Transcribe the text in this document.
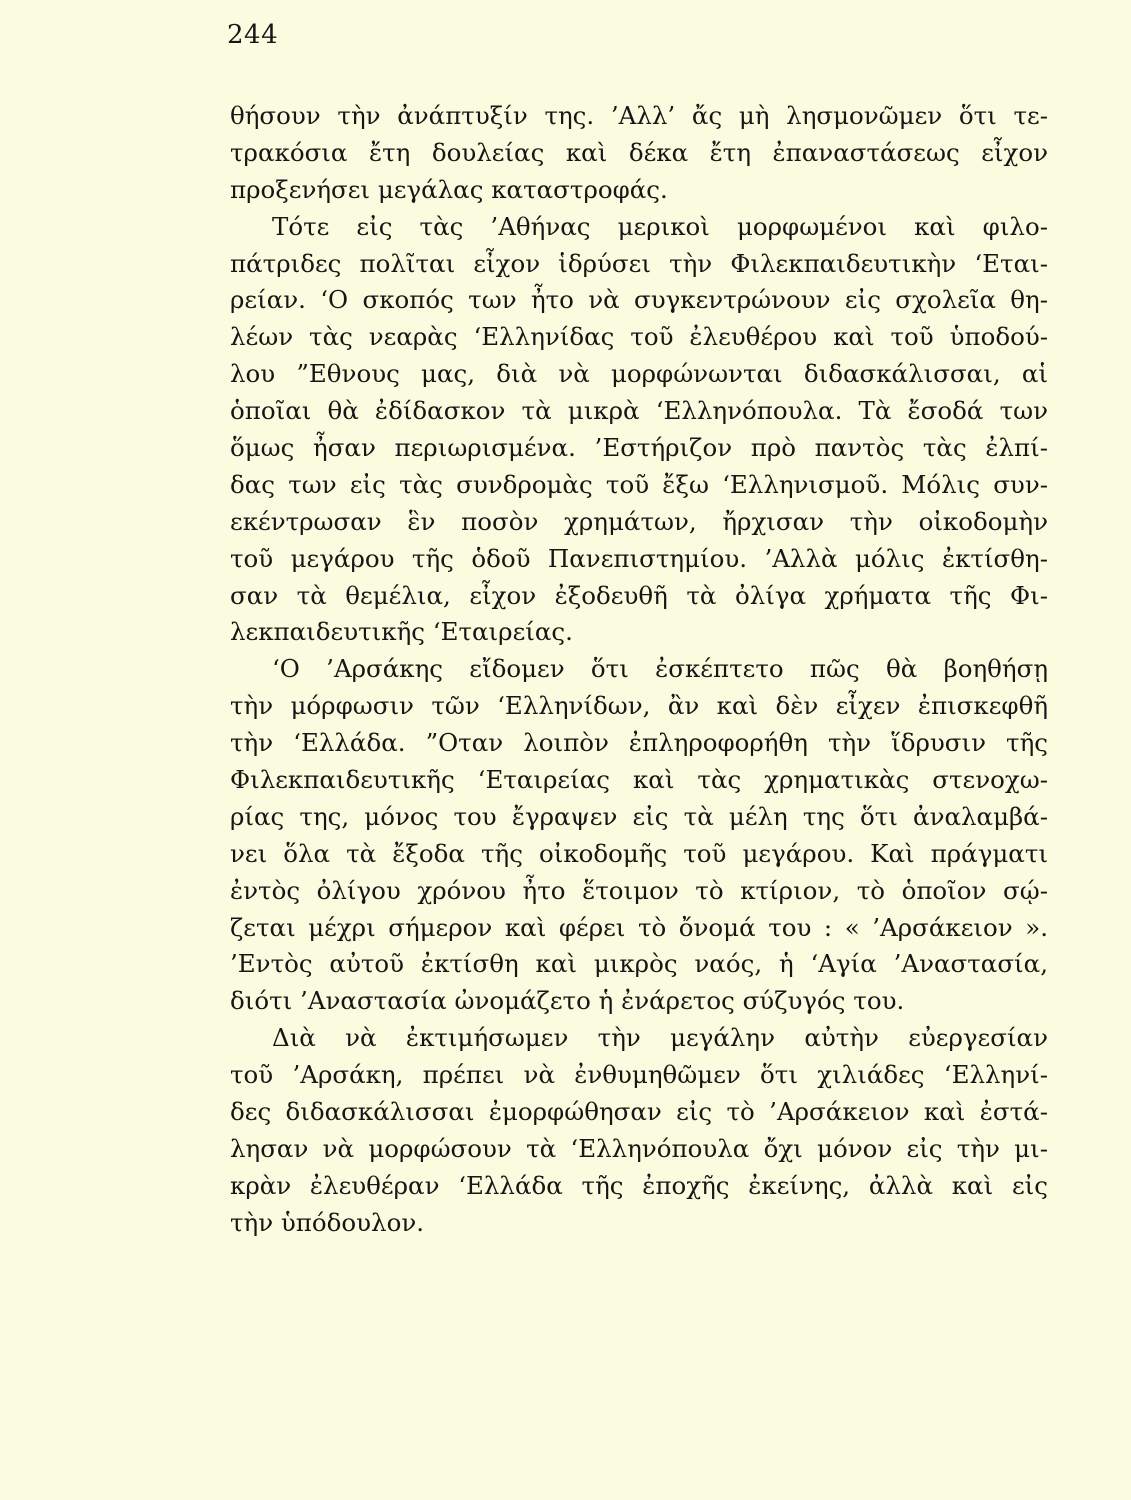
244
θήσουν τὴν ἀνάπτυξίν της. ’Αλλ’ ἄς μὴ λησμονῶμεν ὅτι τε-
τρακόσια ἔτη δουλείας καὶ δέκα ἔτη ἐπαναστάσεως εἶχον
προξενήσει μεγάλας καταστροφάς.
Τότε εἰς τὰς ’Αθήνας μερικοὶ μορφωμένοι καὶ φιλο-
πάτριδες πολῖται εἶχον ἱδρύσει τὴν Φιλεκπαιδευτικὴν ‘Εται-
ρείαν. ‘Ο σκοπός των ἦτο νὰ συγκεντρώνουν εἰς σχολεῖα θη-
λέων τὰς νεαρὰς ‘Ελληνίδας τοῦ ἐλευθέρου καὶ τοῦ ὑποδού-
λου ”Εθνους μας, διὰ νὰ μορφώνωνται διδασκάλισσαι, αἱ
ὁποῖαι θὰ ἐδίδασκον τὰ μικρὰ ‘Ελληνόπουλα. Τὰ ἔσοδά των
ὅμως ἦσαν περιωρισμένα. ’Εστήριζον πρὸ παντὸς τὰς ἐλπί-
δας των εἰς τὰς συνδρομὰς τοῦ ἔξω ‘Ελληνισμοῦ. Μόλις συν-
εκέντρωσαν ἓν ποσὸν χρημάτων, ἤρχισαν τὴν οἰκοδομὴν
τοῦ μεγάρου τῆς ὁδοῦ Πανεπιστημίου. ’Αλλὰ μόλις ἐκτίσθη-
σαν τὰ θεμέλια, εἶχον ἐξοδευθῆ τὰ ὀλίγα χρήματα τῆς Φι-
λεκπαιδευτικῆς ‘Εταιρείας.
‘Ο ’Αρσάκης εἴδομεν ὅτι ἐσκέπτετο πῶς θὰ βοηθήσῃ
τὴν μόρφωσιν τῶν ‘Ελληνίδων, ἂν καὶ δὲν εἶχεν ἐπισκεφθῆ
τὴν ‘Ελλάδα. ”Οταν λοιπὸν ἐπληροφορήθη τὴν ἵδρυσιν τῆς
Φιλεκπαιδευτικῆς ‘Εταιρείας καὶ τὰς χρηματικὰς στενοχω-
ρίας της, μόνος του ἔγραψεν εἰς τὰ μέλη της ὅτι ἀναλαμβά-
νει ὅλα τὰ ἔξοδα τῆς οἰκοδομῆς τοῦ μεγάρου. Καὶ πράγματι
ἐντὸς ὀλίγου χρόνου ἦτο ἕτοιμον τὸ κτίριον, τὸ ὁποῖον σῴ-
ζεται μέχρι σήμερον καὶ φέρει τὸ ὄνομά του : « ’Αρσάκειον ».
’Εντὸς αὐτοῦ ἐκτίσθη καὶ μικρὸς ναός, ἡ ‘Αγία ’Αναστασία,
διότι ’Αναστασία ὠνομάζετο ἡ ἐνάρετος σύζυγός του.
Διὰ νὰ ἐκτιμήσωμεν τὴν μεγάλην αὐτὴν εὐεργεσίαν
τοῦ ’Αρσάκη, πρέπει νὰ ἐνθυμηθῶμεν ὅτι χιλιάδες ‘Ελληνί-
δες διδασκάλισσαι ἐμορφώθησαν εἰς τὸ ’Αρσάκειον καὶ ἐστά-
λησαν νὰ μορφώσουν τὰ ‘Ελληνόπουλα ὄχι μόνον εἰς τὴν μι-
κρὰν ἐλευθέραν ‘Ελλάδα τῆς ἐποχῆς ἐκείνης, ἀλλὰ καὶ εἰς
τὴν ὑπόδουλον.
